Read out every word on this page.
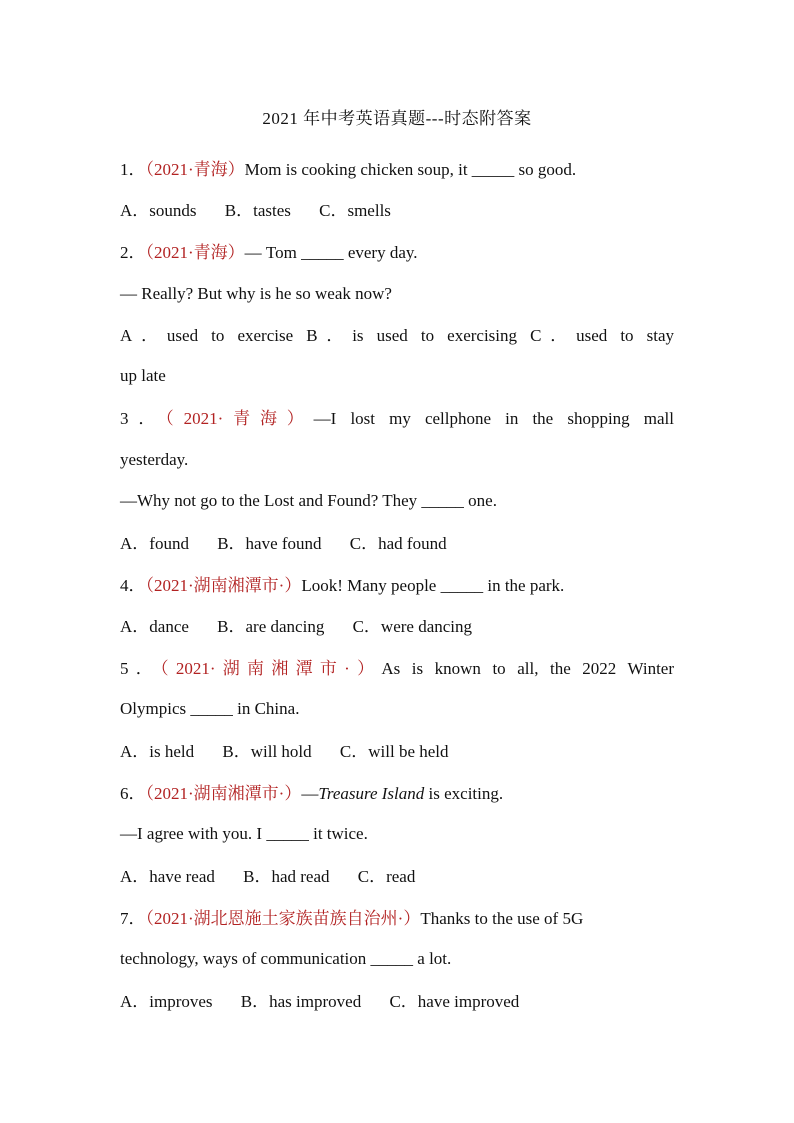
2021 年中考英语真题---时态附答案
1．（2021·青海）Mom is cooking chicken soup, it _____ so good.
A．sounds B．tastes C．smells
2．（2021·青海）— Tom _____ every day.
— Really? But why is he so weak now?
A．used to exercise B．is used to exercising C．used to stay
up late
3．（2021·青海）—I lost my cellphone in the shopping mall
yesterday.
—Why not go to the Lost and Found? They _____ one.
A．found B．have found C．had found
4．（2021·湖南湘潭市·）Look! Many people _____ in the park.
A．dance B．are dancing C．were dancing
5．（2021·湖南湘潭市·）As is known to all, the 2022 Winter
Olympics _____ in China.
A．is held B．will hold C．will be held
6．（2021·湖南湘潭市·）—Treasure Island is exciting.
—I agree with you. I _____ it twice.
A．have read B．had read C．read
7．（2021·湖北恩施土家族苗族自治州·）Thanks to the use of 5G
technology, ways of communication _____ a lot.
A．improves B．has improved C．have improved
